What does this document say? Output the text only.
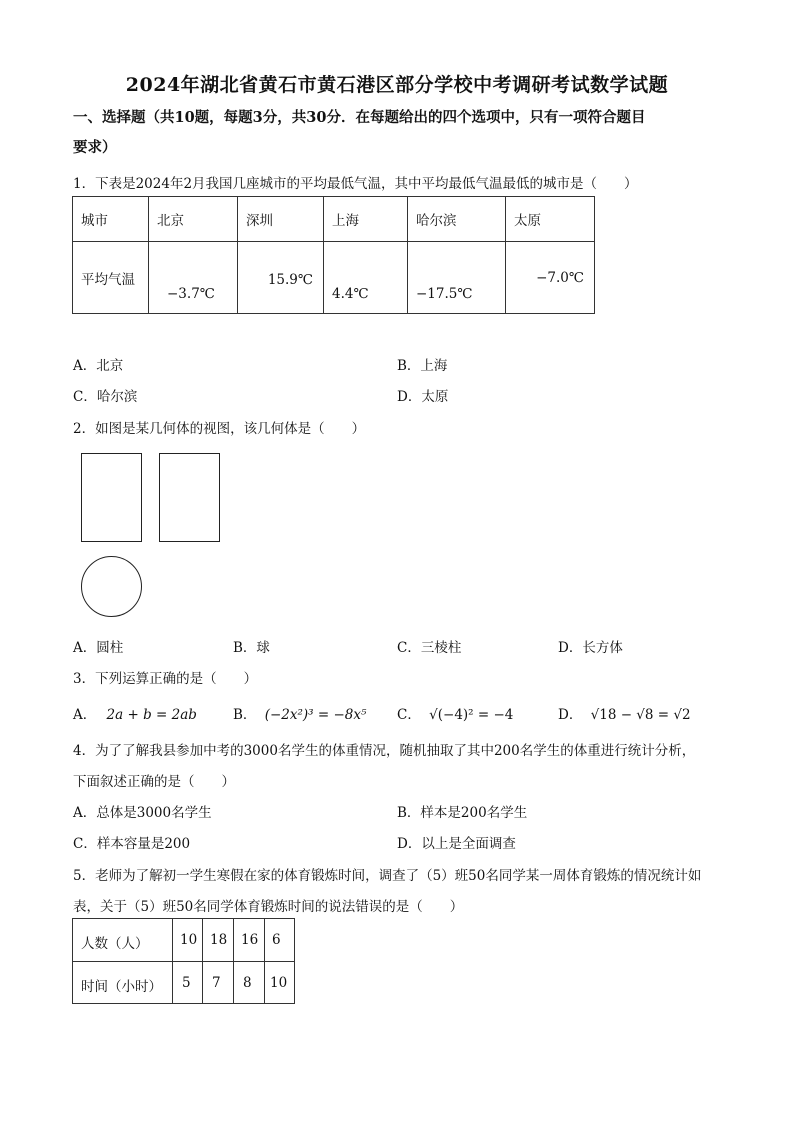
2024年湖北省黄石市黄石港区部分学校中考调研考试数学试题
一、选择题（共10题，每题3分，共30分．在每题给出的四个选项中，只有一项符合题目
要求）
1．下表是2024年2月我国几座城市的平均最低气温，其中平均最低气温最低的城市是（　　）
城市	北京	深圳	上海	哈尔滨	太原

平均气温	−3.7℃	15.9℃	4.4℃	−17.5℃	−7.0℃
A．北京	B．上海
C．哈尔滨	D．太原
2．如图是某几何体的视图，该几何体是（　　）
A．圆柱	B．球	C．三棱柱	D．长方体
3．下列运算正确的是（　　）
A． 2a + b = 2ab	B． (−2x²)³ = −8x⁵ C． √(−4)² = −4	D． √18 − √8 = √2
4．为了了解我县参加中考的3000名学生的体重情况，随机抽取了其中200名学生的体重进行统计分析，
下面叙述正确的是（　　）
A．总体是3000名学生	B．样本是200名学生
C．样本容量是200	D．以上是全面调查
5．老师为了解初一学生寒假在家的体育锻炼时间，调查了（5）班50名同学某一周体育锻炼的情况统计如
表，关于（5）班50名同学体育锻炼时间的说法错误的是（　　）
人数（人）	10	18	16	6

时间（小时）	5	7	8	10
